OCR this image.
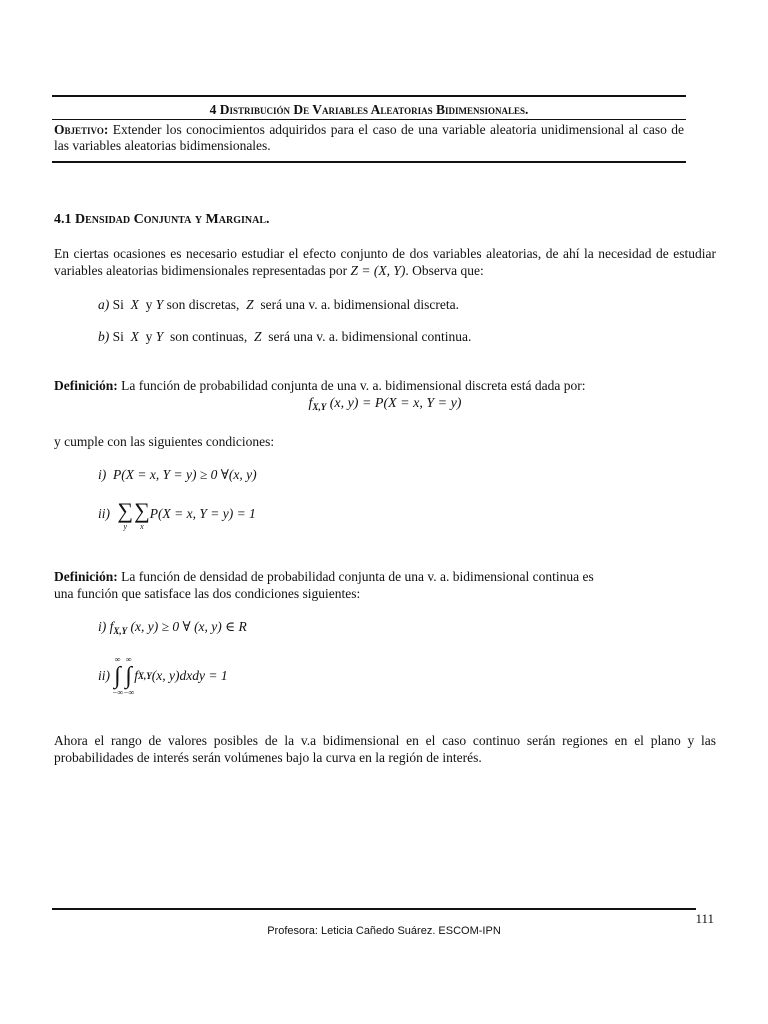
4 Distribución De Variables Aleatorias Bidimensionales.
Objetivo: Extender los conocimientos adquiridos para el caso de una variable aleatoria unidimensional al caso de las variables aleatorias bidimensionales.
4.1 Densidad Conjunta y Marginal.
En ciertas ocasiones es necesario estudiar el efecto conjunto de dos variables aleatorias, de ahí la necesidad de estudiar variables aleatorias bidimensionales representadas por Z = (X, Y). Observa que:
a) Si X y Y son discretas, Z será una v. a. bidimensional discreta.
b) Si X y Y son continuas, Z será una v. a. bidimensional continua.
Definición: La función de probabilidad conjunta de una v. a. bidimensional discreta está dada por:
$f_{X,Y}$ (x, y) = P(X = x, Y = y)
y cumple con las siguientes condiciones:
i) P(X = x, Y = y) ≥ 0 ∀(x, y)
ii)
∑
y
∑
x
P(X = x, Y = y) = 1
Definición: La función de densidad de probabilidad conjunta de una v. a. bidimensional continua es
una función que satisface las dos condiciones siguientes:
i) $f_{X,Y}$ (x, y) ≥ 0 ∀ (x, y) ∈ R
ii)
∞
∫
−∞
∞
∫
−∞
f X,Y (x, y)dxdy = 1
Ahora el rango de valores posibles de la v.a bidimensional en el caso continuo serán regiones en el plano y las probabilidades de interés serán volúmenes bajo la curva en la región de interés.
111
Profesora: Leticia Cañedo Suárez. ESCOM-IPN
